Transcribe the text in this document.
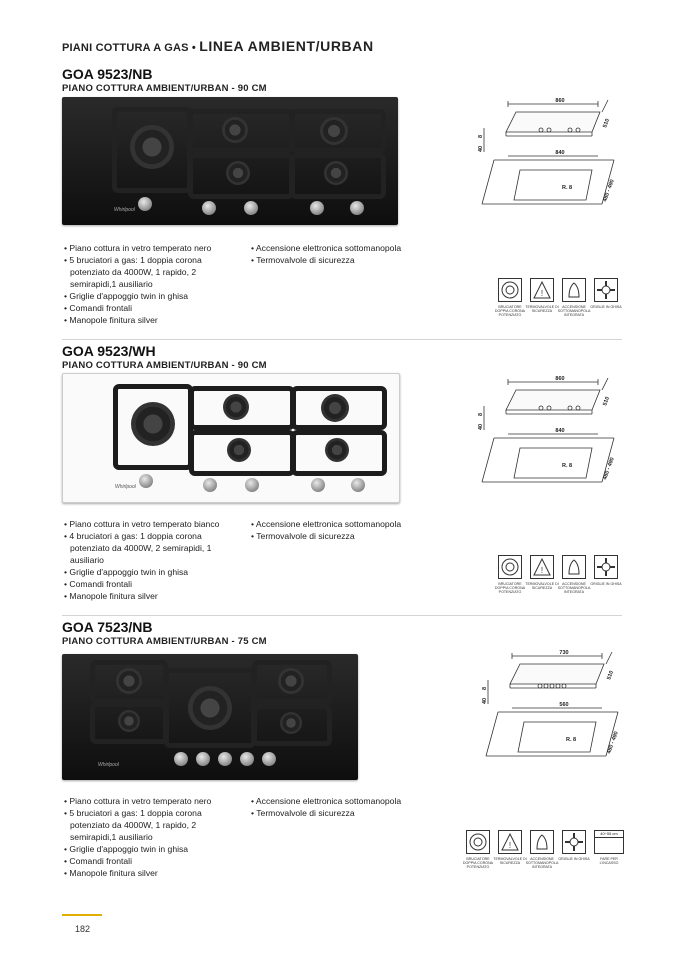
PIANI COTTURA A GAS • LINEA AMBIENT/URBAN
GOA 9523/NB
PIANO COTTURA AMBIENT/URBAN - 90 CM
Whirlpool
860
510
40
8
840
480 - 490
R. 8
• Piano cottura in vetro temperato nero
• 5 bruciatori a gas: 1 doppia corona potenziato da 4000W, 1 rapido, 2 semirapidi,1 ausiliario
• Griglie d'appoggio twin in ghisa
• Comandi frontali
• Manopole finitura silver
• Accensione elettronica sottomanopola
• Termovalvole di sicurezza
!
BRUCIATORE DOPPIA CORONA POTENZIATO
TERMOVALVOLE DI SICUREZZA
ACCENSIONE SOTTOMANOPOLA INTEGRATA
GRIGLIE IN GHISA
GOA 9523/WH
PIANO COTTURA AMBIENT/URBAN - 90 CM
Whirlpool
860
510
40
8
840
480 - 490
R. 8
• Piano cottura in vetro temperato bianco
• 4 bruciatori a gas: 1 doppia corona potenziato da 4000W, 2 semirapidi, 1 ausiliario
• Griglie d'appoggio twin in ghisa
• Comandi frontali
• Manopole finitura silver
• Accensione elettronica sottomanopola
• Termovalvole di sicurezza
!
BRUCIATORE DOPPIA CORONA POTENZIATO
TERMOVALVOLE DI SICUREZZA
ACCENSIONE SOTTOMANOPOLA INTEGRATA
GRIGLIE IN GHISA
GOA 7523/NB
PIANO COTTURA AMBIENT/URBAN - 75 CM
Whirlpool
730
510
40
8
560
480 - 490
R. 8
• Piano cottura in vetro temperato nero
• 5 bruciatori a gas: 1 doppia corona potenziato da 4000W, 1 rapido, 2 semirapidi,1 ausiliario
• Griglie d'appoggio twin in ghisa
• Comandi frontali
• Manopole finitura silver
• Accensione elettronica sottomanopola
• Termovalvole di sicurezza
!
40÷55 cm
BRUCIATORE DOPPIA CORONA POTENZIATO
TERMOVALVOLE DI SICUREZZA
ACCENSIONE SOTTOMANOPOLA INTEGRATA
GRIGLIE IN GHISA	FARE PER L'INCASSO
182
